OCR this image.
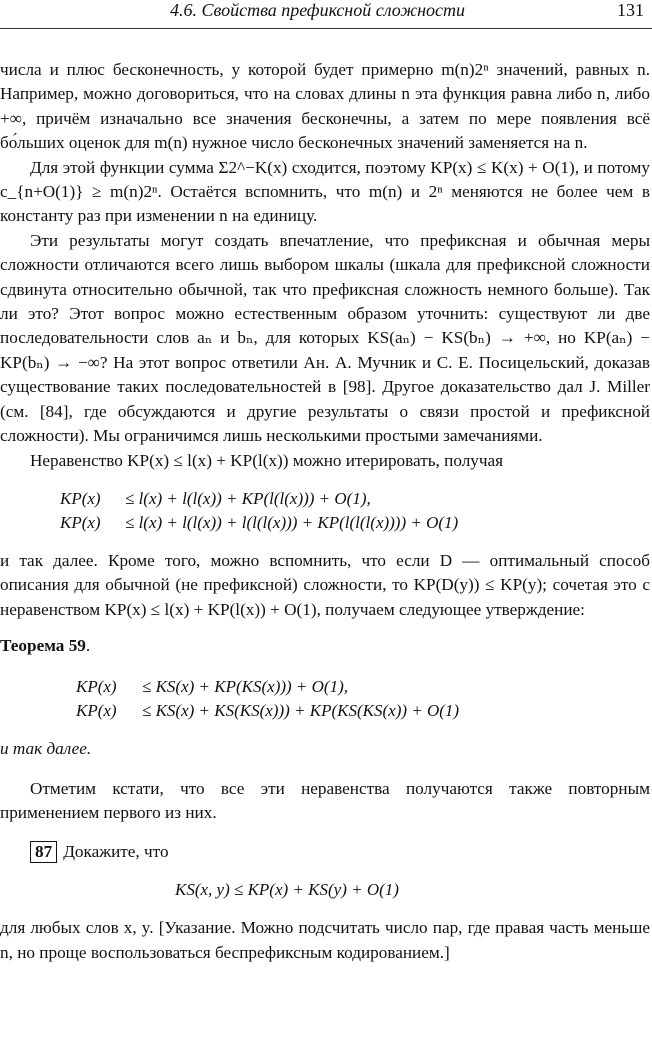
4.6. Свойства префиксной сложности	131

числа и плюс бесконечность, у которой будет примерно m(n)2ⁿ значений, равных n. Например, можно договориться, что на словах длины n эта функция равна либо n, либо +∞, причём изначально все значения бесконечны, а затем по мере появления всё бо́льших оценок для m(n) нужное число бесконечных значений заменяется на n.

Для этой функции сумма Σ2^−K(x) сходится, поэтому KP(x) ≤ K(x) + O(1), и потому c_{n+O(1)} ≥ m(n)2ⁿ. Остаётся вспомнить, что m(n) и 2ⁿ меняются не более чем в константу раз при изменении n на единицу.

Эти результаты могут создать впечатление, что префиксная и обычная меры сложности отличаются всего лишь выбором шкалы (шкала для префиксной сложности сдвинута относительно обычной, так что префиксная сложность немного больше). Так ли это? Этот вопрос можно естественным образом уточнить: существуют ли две последовательности слов aₙ и bₙ, для которых KS(aₙ) − KS(bₙ) → +∞, но KP(aₙ) − KP(bₙ) → −∞? На этот вопрос ответили Ан. А. Мучник и С. Е. Посицельский, доказав существование таких последовательностей в [98]. Другое доказательство дал J. Miller (см. [84], где обсуждаются и другие результаты о связи простой и префиксной сложности). Мы ограничимся лишь несколькими простыми замечаниями.

Неравенство KP(x) ≤ l(x) + KP(l(x)) можно итерировать, получая

KP(x) ≤ l(x) + l(l(x)) + KP(l(l(x))) + O(1),
KP(x) ≤ l(x) + l(l(x)) + l(l(l(x))) + KP(l(l(l(x)))) + O(1)

и так далее. Кроме того, можно вспомнить, что если D — оптимальный способ описания для обычной (не префиксной) сложности, то KP(D(y)) ≤ KP(y); сочетая это с неравенством KP(x) ≤ l(x) + KP(l(x)) + O(1), получаем следующее утверждение:

Теорема 59.
KP(x) ≤ KS(x) + KP(KS(x))) + O(1),
KP(x) ≤ KS(x) + KS(KS(x))) + KP(KS(KS(x)) + O(1)

и так далее.

Отметим кстати, что все эти неравенства получаются также повторным применением первого из них.

87 Докажите, что
KS(x, y) ≤ KP(x) + KS(y) + O(1)

для любых слов x, y. [Указание. Можно подсчитать число пар, где правая часть меньше n, но проще воспользоваться беспрефиксным кодированием.]
